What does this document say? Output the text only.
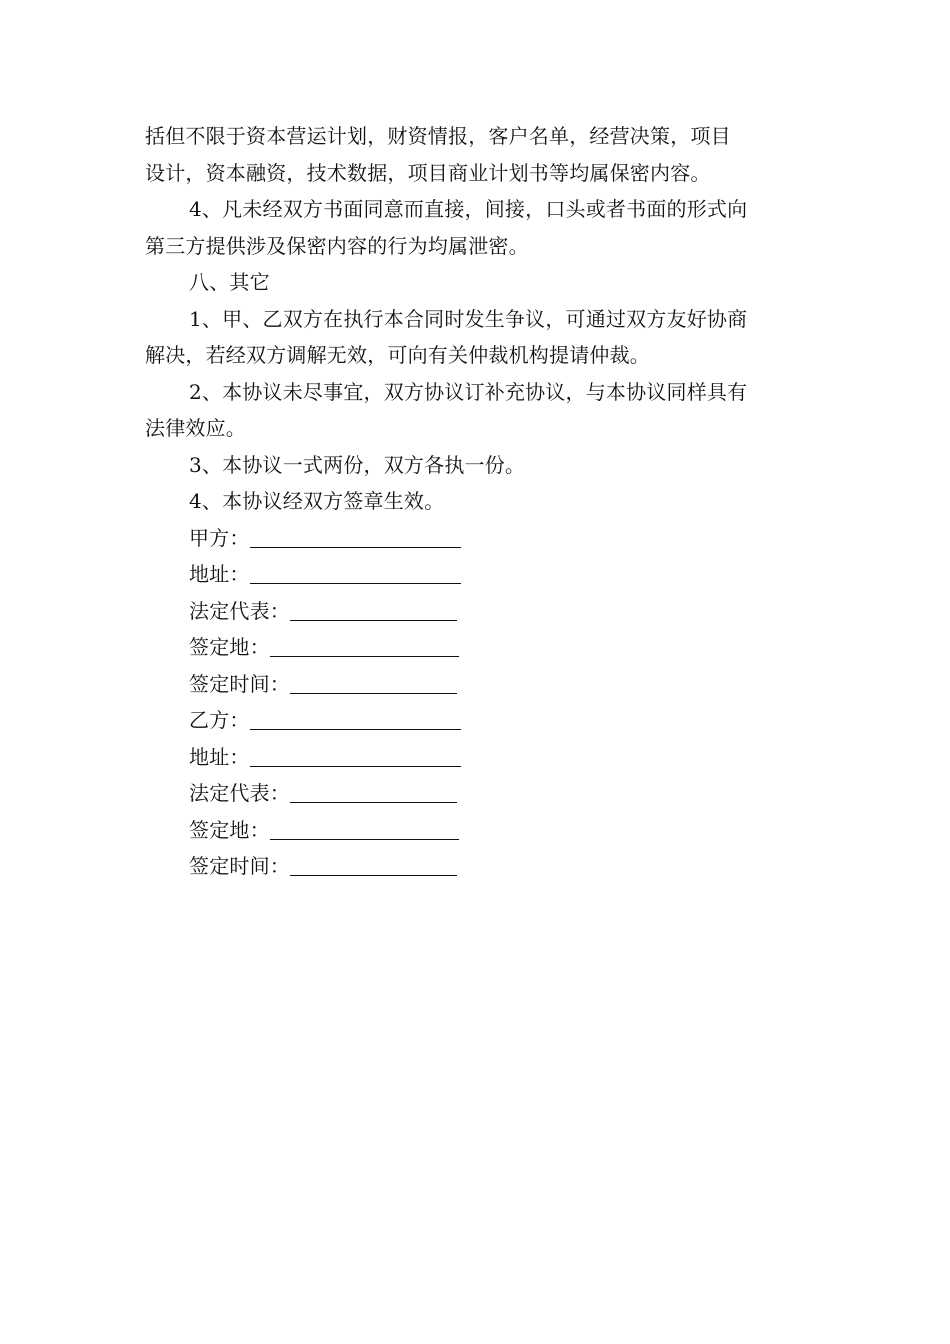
括但不限于资本营运计划，财资情报，客户名单，经营决策，项目
设计，资本融资，技术数据，项目商业计划书等均属保密内容。

4、凡未经双方书面同意而直接，间接，口头或者书面的形式向
第三方提供涉及保密内容的行为均属泄密。

八、其它

1、甲、乙双方在执行本合同时发生争议，可通过双方友好协商
解决，若经双方调解无效，可向有关仲裁机构提请仲裁。

2、本协议未尽事宜，双方协议订补充协议，与本协议同样具有
法律效应。

3、本协议一式两份，双方各执一份。

4、本协议经双方签章生效。

甲方：

地址：

法定代表：

签定地：

签定时间：

乙方：

地址：

法定代表：

签定地：

签定时间：
